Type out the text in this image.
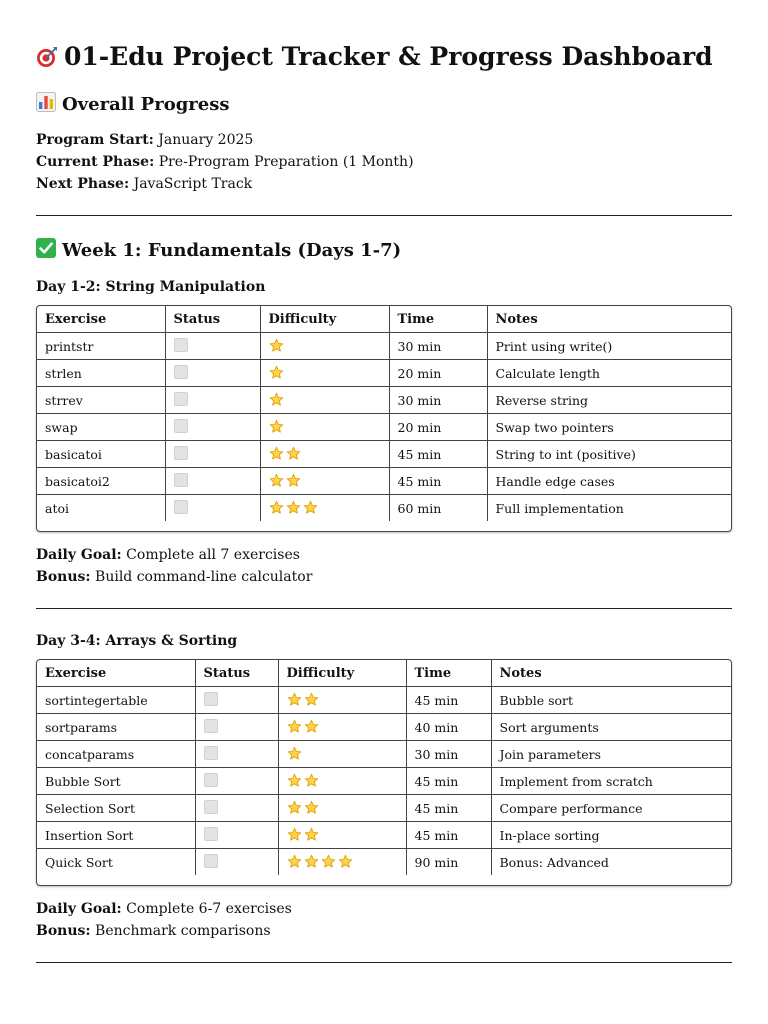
01-Edu Project Tracker & Progress Dashboard
Overall Progress

Program Start: January 2025

Current Phase: Pre-Program Preparation (1 Month)

Next Phase: JavaScript Track

Week 1: Fundamentals (Days 1-7)
Day 1-2: String Manipulation
Exercise	Status	Difficulty	Time	Notes
printstr			30 min	Print using write()
strlen			20 min	Calculate length
strrev			30 min	Reverse string
swap			20 min	Swap two pointers
basicatoi			45 min	String to int (positive)
basicatoi2			45 min	Handle edge cases
atoi			60 min	Full implementation

Daily Goal: Complete all 7 exercises

Bonus: Build command-line calculator

Day 3-4: Arrays & Sorting
Exercise	Status	Difficulty	Time	Notes
sortintegertable			45 min	Bubble sort
sortparams			40 min	Sort arguments
concatparams			30 min	Join parameters
Bubble Sort			45 min	Implement from scratch
Selection Sort			45 min	Compare performance
Insertion Sort			45 min	In-place sorting
Quick Sort			90 min	Bonus: Advanced

Daily Goal: Complete 6-7 exercises

Bonus: Benchmark comparisons
